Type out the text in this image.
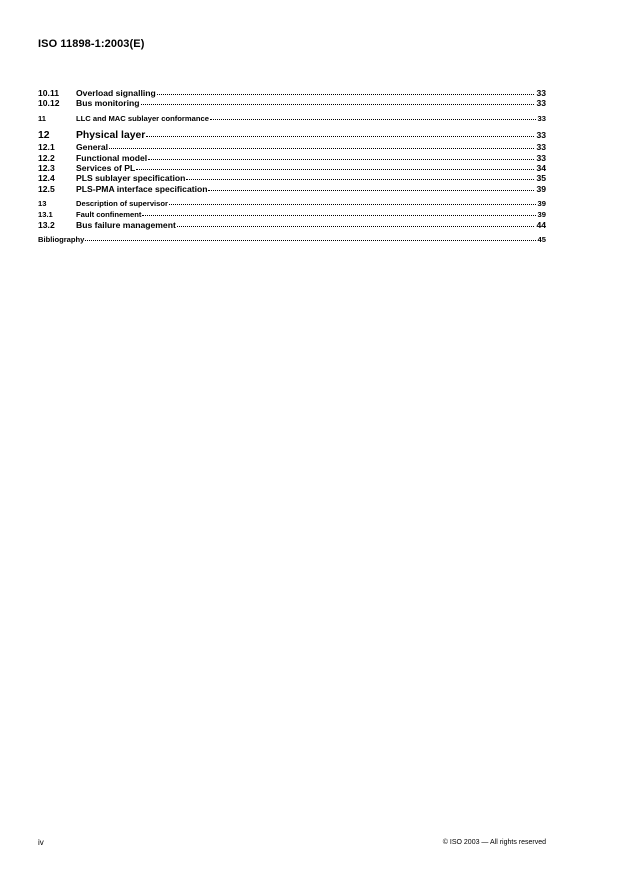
ISO 11898-1:2003(E)
10.11	Overload signalling	33
10.12	Bus monitoring	33
11	LLC and MAC sublayer conformance	33
12	Physical layer	33
12.1	General	33
12.2	Functional model	33
12.3	Services of PL	34
12.4	PLS sublayer specification	35
12.5	PLS-PMA interface specification	39
13	Description of supervisor	39
13.1	Fault confinement	39
13.2	Bus failure management	44
Bibliography	45
iv	© ISO 2003 — All rights reserved
